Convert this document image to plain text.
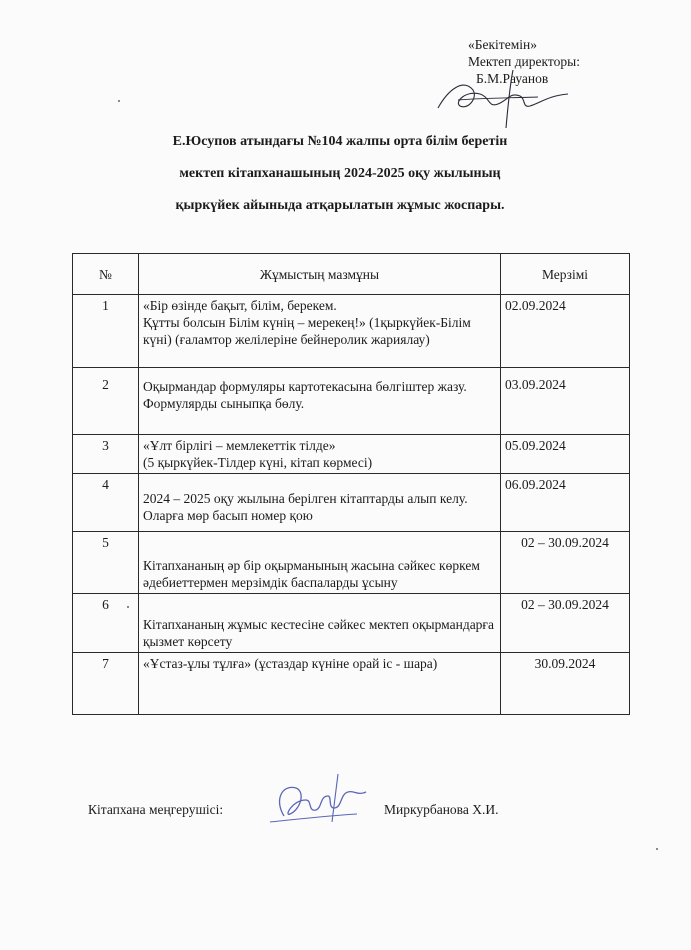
«Бекітемін»
Мектеп директоры:
Б.М.Рауанов
Е.Юсупов атындағы №104 жалпы орта білім беретін
мектеп кітапханашының 2024-2025 оқу жылының
қыркүйек айыныда атқарылатын жұмыс жоспары.
№	Жұмыстың мазмұны	Мерзімі
1	«Бір өзінде бақыт, білім, берекем.
Құтты болсын Білім күнің – мерекең!» (1қыркүйек-Білім күні) (ғаламтор желілеріне бейнеролик жариялау)	02.09.2024
2	Оқырмандар формуляры картотекасына бөлгіштер жазу. Формулярды сыныпқа бөлу.	03.09.2024
3	«Ұлт бірлігі – мемлекеттік тілде»
(5 қыркүйек-Тілдер күні, кітап көрмесі)	05.09.2024
4	2024 – 2025 оқу жылына берілген кітаптарды алып келу. Оларға мөр басып номер қою	06.09.2024
5	Кітапхананың әр бір оқырманының жасына сәйкес көркем әдебиеттермен мерзімдік баспаларды ұсыну	02 – 30.09.2024
6	Кітапхананың жұмыс кестесіне сәйкес мектеп оқырмандарға қызмет көрсету	02 – 30.09.2024
7	«Ұстаз-ұлы тұлға» (ұстаздар күніне орай іс - шара)	30.09.2024
Кітапхана меңгерушісі:	Миркурбанова Х.И.
